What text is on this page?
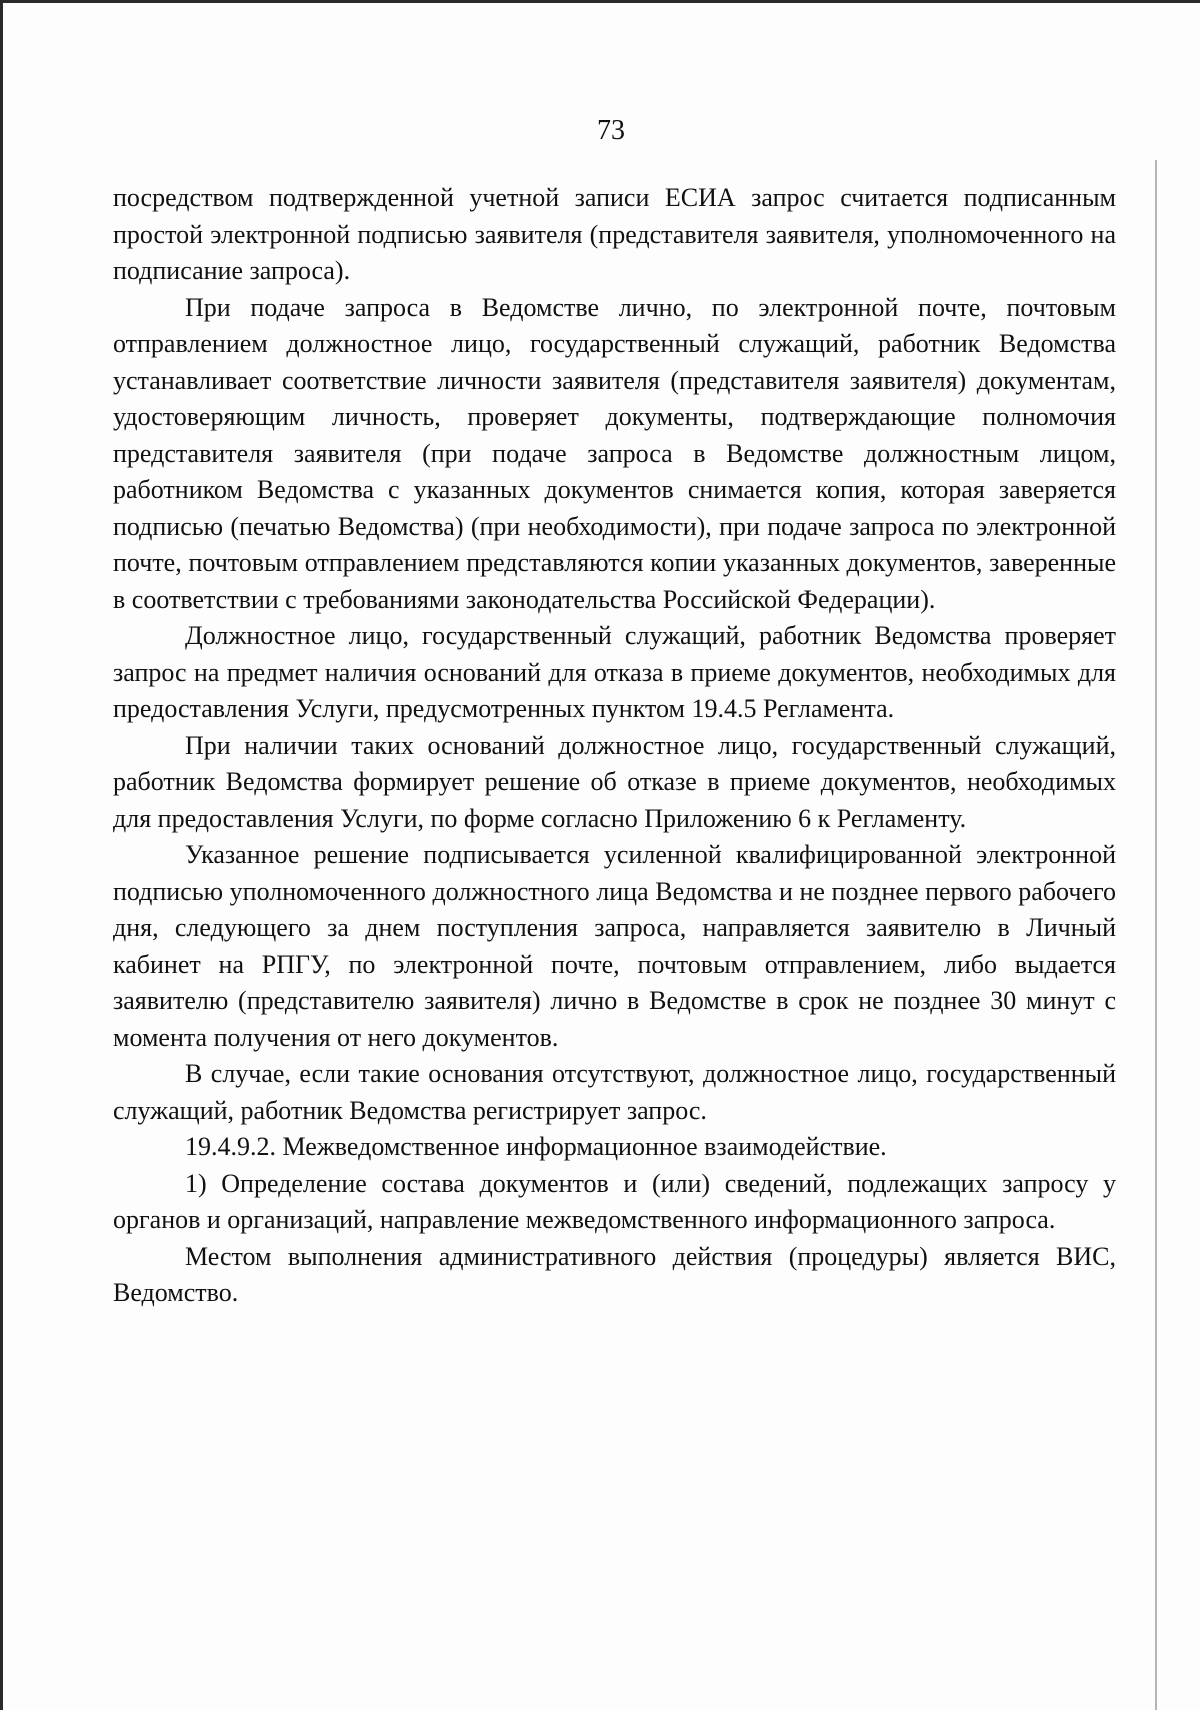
73

посредством подтвержденной учетной записи ЕСИА запрос считается подписанным простой электронной подписью заявителя (представителя заявителя, уполномоченного на подписание запроса).

При подаче запроса в Ведомстве лично, по электронной почте, почтовым отправлением должностное лицо, государственный служащий, работник Ведомства устанавливает соответствие личности заявителя (представителя заявителя) документам, удостоверяющим личность, проверяет документы, подтверждающие полномочия представителя заявителя (при подаче запроса в Ведомстве должностным лицом, работником Ведомства с указанных документов снимается копия, которая заверяется подписью (печатью Ведомства) (при необходимости), при подаче запроса по электронной почте, почтовым отправлением представляются копии указанных документов, заверенные в соответствии с требованиями законодательства Российской Федерации).

Должностное лицо, государственный служащий, работник Ведомства проверяет запрос на предмет наличия оснований для отказа в приеме документов, необходимых для предоставления Услуги, предусмотренных пунктом 19.4.5 Регламента.

При наличии таких оснований должностное лицо, государственный служащий, работник Ведомства формирует решение об отказе в приеме документов, необходимых для предоставления Услуги, по форме согласно Приложению 6 к Регламенту.

Указанное решение подписывается усиленной квалифицированной электронной подписью уполномоченного должностного лица Ведомства и не позднее первого рабочего дня, следующего за днем поступления запроса, направляется заявителю в Личный кабинет на РПГУ, по электронной почте, почтовым отправлением, либо выдается заявителю (представителю заявителя) лично в Ведомстве в срок не позднее 30 минут с момента получения от него документов.

В случае, если такие основания отсутствуют, должностное лицо, государственный служащий, работник Ведомства регистрирует запрос.

19.4.9.2. Межведомственное информационное взаимодействие.

1) Определение состава документов и (или) сведений, подлежащих запросу у органов и организаций, направление межведомственного информационного запроса.

Местом выполнения административного действия (процедуры) является ВИС, Ведомство.
